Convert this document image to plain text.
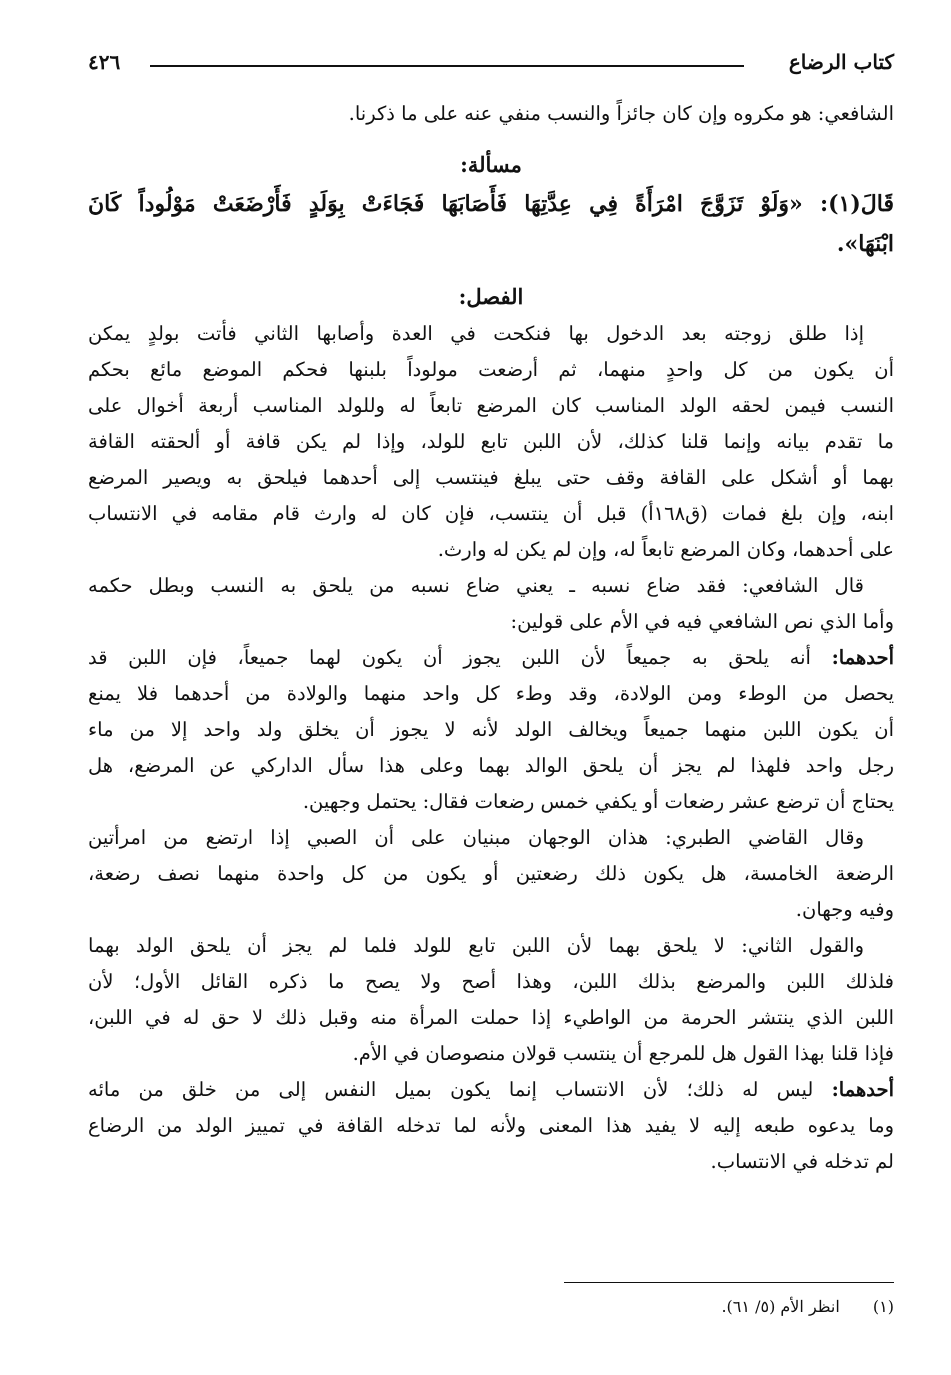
كتاب الرضاع
٤٢٦
الشافعي: هو مكروه وإن كان جائزاً والنسب منفي عنه على ما ذكرنا.
مسألة:
قَالَ(١): «وَلَوْ تَزَوَّجَ امْرَأَةً فِي عِدَّتِهَا فَأَصَابَهَا فَجَاءَتْ بِوَلَدٍ فَأَرْضَعَتْ مَوْلُوداً كَانَ
ابْنَهَا».
الفصل:
إذا طلق زوجته بعد الدخول بها فنكحت في العدة وأصابها الثاني فأتت بولدٍ يمكن
أن يكون من كل واحدٍ منهما، ثم أرضعت مولوداً بلبنها فحكم الموضع مائع بحكم
النسب فيمن لحقه الولد المناسب كان المرضع تابعاً له وللولد المناسب أربعة أخوال على
ما تقدم بيانه وإنما قلنا كذلك، لأن اللبن تابع للولد، وإذا لم يكن قافة أو ألحقته القافة
بهما أو أشكل على القافة وقف حتى يبلغ فينتسب إلى أحدهما فيلحق به ويصير المرضع
ابنه، وإن بلغ فمات (ق١٦٨أ) قبل أن ينتسب، فإن كان له وارث قام مقامه في الانتساب
على أحدهما، وكان المرضع تابعاً له، وإن لم يكن له وارث.
قال الشافعي: فقد ضاع نسبه ـ يعني ضاع نسبه من يلحق به النسب وبطل حكمه
وأما الذي نص الشافعي فيه في الأم على قولين:
أحدهما: أنه يلحق به جميعاً لأن اللبن يجوز أن يكون لهما جميعاً، فإن اللبن قد
يحصل من الوطء ومن الولادة، وقد وطء كل واحد منهما والولادة من أحدهما فلا يمنع
أن يكون اللبن منهما جميعاً ويخالف الولد لأنه لا يجوز أن يخلق ولد واحد إلا من ماء
رجل واحد فلهذا لم يجز أن يلحق الوالد بهما وعلى هذا سأل الداركي عن المرضع، هل
يحتاج أن ترضع عشر رضعات أو يكفي خمس رضعات فقال: يحتمل وجهين.
وقال القاضي الطبري: هذان الوجهان مبنيان على أن الصبي إذا ارتضع من امرأتين
الرضعة الخامسة، هل يكون ذلك رضعتين أو يكون من كل واحدة منهما نصف رضعة،
وفيه وجهان.
والقول الثاني: لا يلحق بهما لأن اللبن تابع للولد فلما لم يجز أن يلحق الولد بهما
فلذلك اللبن والمرضع بذلك اللبن، وهذا أصح ولا يصح ما ذكره القائل الأول؛ لأن
اللبن الذي ينتشر الحرمة من الواطيء إذا حملت المرأة منه وقبل ذلك لا حق له في اللبن،
فإذا قلنا بهذا القول هل للمرجع أن ينتسب قولان منصوصان في الأم.
أحدهما: ليس له ذلك؛ لأن الانتساب إنما يكون بميل النفس إلى من خلق من مائه
وما يدعوه طبعه إليه لا يفيد هذا المعنى ولأنه لما تدخله القافة في تمييز الولد من الرضاع
لم تدخله في الانتساب.
(١) انظر الأم (٥/ ٦١).
